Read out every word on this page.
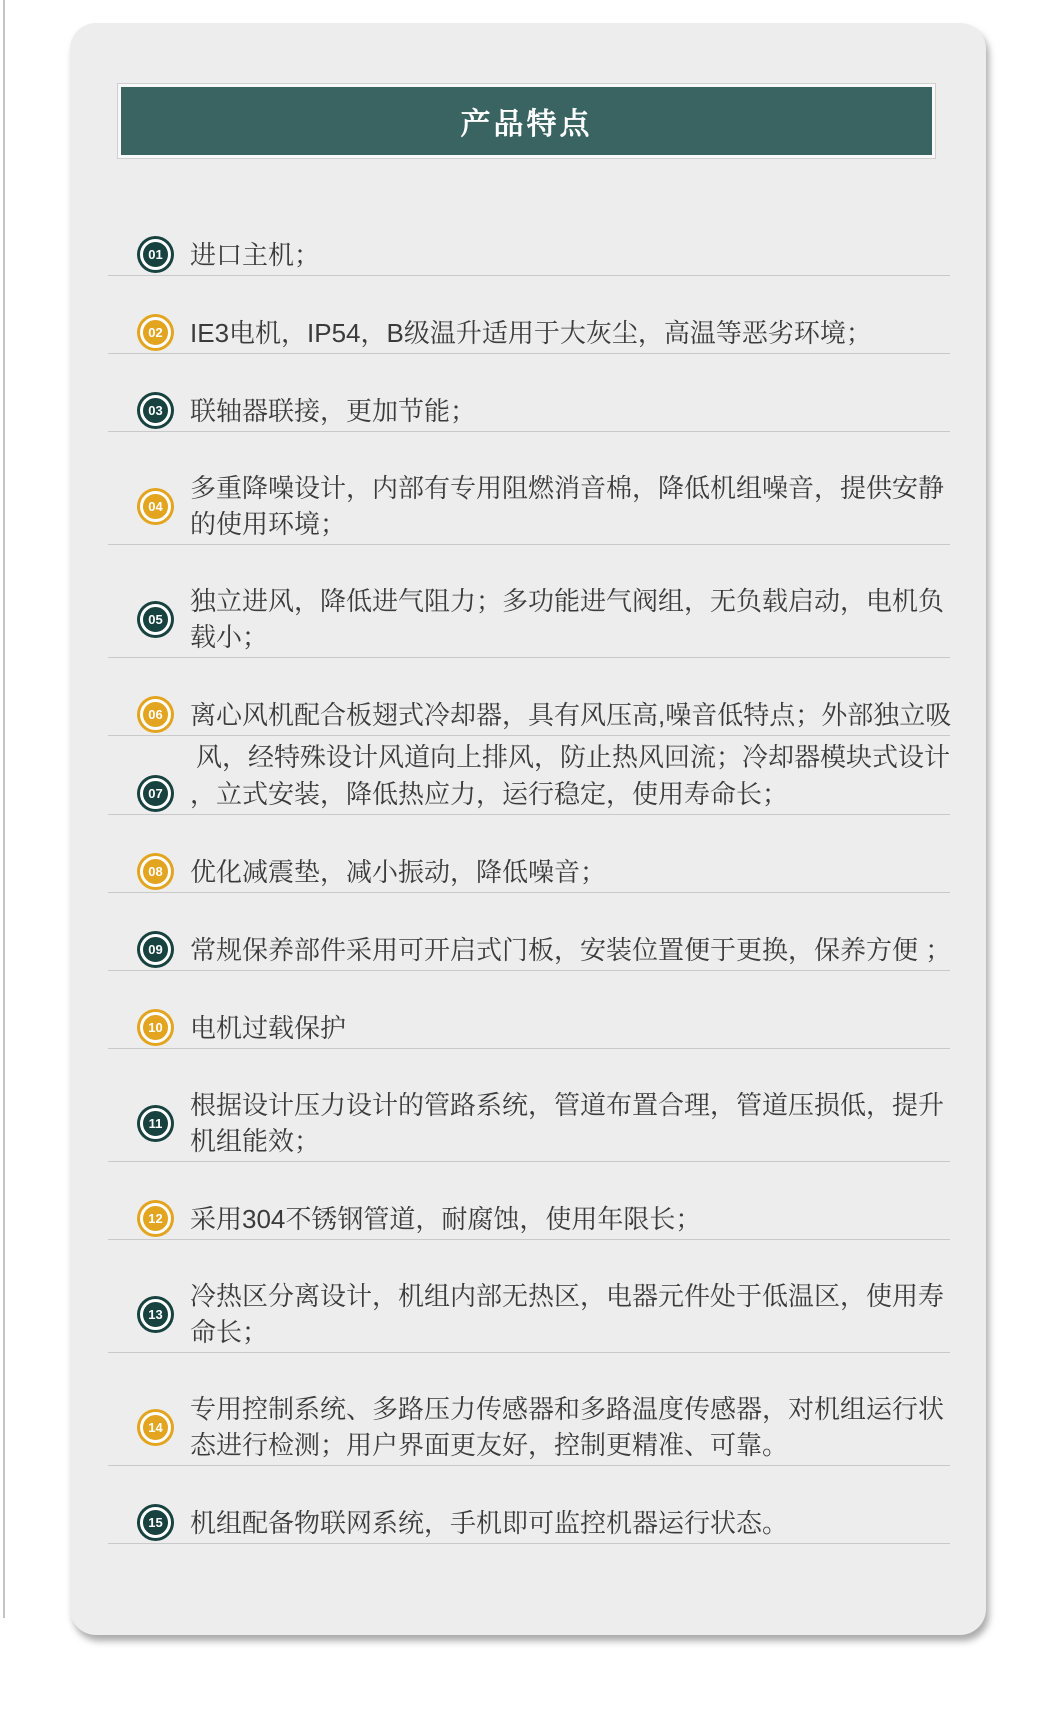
产品特点
01 进口主机；
02 IE3电机，IP54，B级温升适用于大灰尘，高温等恶劣环境；
03 联轴器联接，更加节能；
04
多重降噪设计，内部有专用阻燃消音棉，降低机组噪音，提供安静
的使用环境；
05
独立进风，降低进气阻力；多功能进气阀组，无负载启动，电机负
载小；
06 离心风机配合板翅式冷却器，具有风压高,噪音低特点；外部独立吸
风，经特殊设计风道向上排风，防止热风回流；冷却器模块式设计
07 ，立式安装，降低热应力，运行稳定，使用寿命长；
08 优化减震垫，减小振动，降低噪音；
09 常规保养部件采用可开启式门板，安装位置便于更换，保养方便 ；
10 电机过载保护
11
根据设计压力设计的管路系统，管道布置合理，管道压损低，提升
机组能效；
12 采用304不锈钢管道，耐腐蚀，使用年限长；
13
冷热区分离设计，机组内部无热区，电器元件处于低温区，使用寿
命长；
14
专用控制系统、多路压力传感器和多路温度传感器，对机组运行状
态进行检测；用户界面更友好，控制更精准、可靠。
15 机组配备物联网系统，手机即可监控机器运行状态。
